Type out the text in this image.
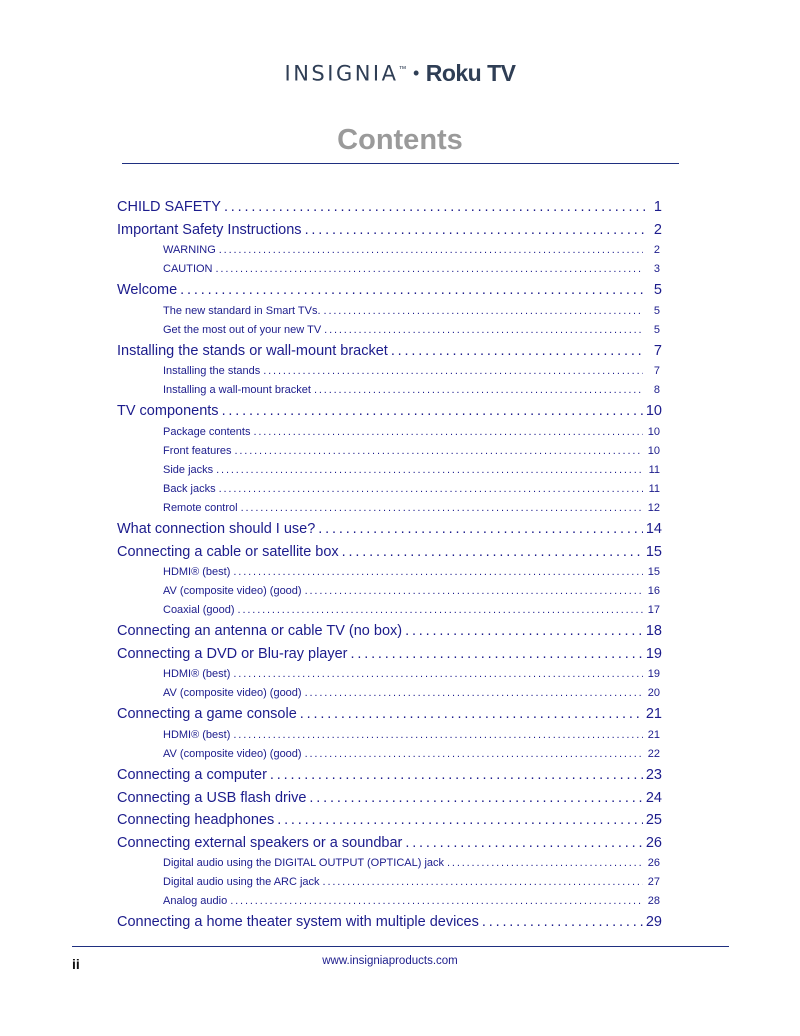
INSIGNIA™ • Roku TV
Contents
CHILD SAFETY . . .	1
Important Safety Instructions . . .	2
WARNING . . .	2
CAUTION . . .	3
Welcome . . .	5
The new standard in Smart TVs. . . .	5
Get the most out of your new TV . . .	5
Installing the stands or wall-mount bracket . . .	7
Installing the stands . . .	7
Installing a wall-mount bracket . . .	8
TV components . . .	10
Package contents . . .	10
Front features . . .	10
Side jacks . . .	11
Back jacks . . .	11
Remote control . . .	12
What connection should I use? . . .	14
Connecting a cable or satellite box . . .	15
HDMI® (best) . . .	15
AV (composite video) (good) . . .	16
Coaxial (good) . . .	17
Connecting an antenna or cable TV (no box) . . .	18
Connecting a DVD or Blu-ray player . . .	19
HDMI® (best) . . .	19
AV (composite video) (good) . . .	20
Connecting a game console . . .	21
HDMI® (best) . . .	21
AV (composite video) (good) . . .	22
Connecting a computer . . .	23
Connecting a USB flash drive . . .	24
Connecting headphones . . .	25
Connecting external speakers or a soundbar . . .	26
Digital audio using the DIGITAL OUTPUT (OPTICAL) jack . . .	26
Digital audio using the ARC jack . . .	27
Analog audio . . .	28
Connecting a home theater system with multiple devices . . .	29
ii	www.insigniaproducts.com
